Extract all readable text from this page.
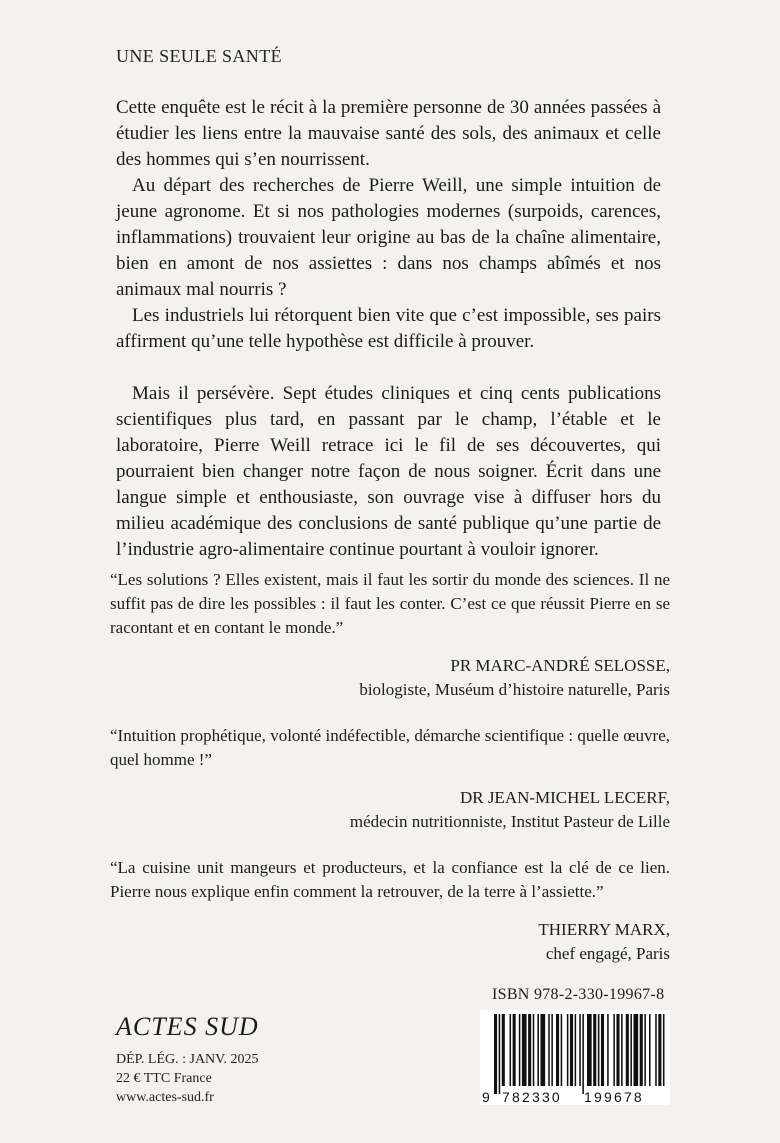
UNE SEULE SANTÉ

Cette enquête est le récit à la première personne de 30 années passées à étudier les liens entre la mauvaise santé des sols, des animaux et celle des hommes qui s’en nourrissent.

Au départ des recherches de Pierre Weill, une simple intuition de jeune agronome. Et si nos pathologies modernes (surpoids, carences, inflammations) trouvaient leur origine au bas de la chaîne alimentaire, bien en amont de nos assiettes : dans nos champs abîmés et nos animaux mal nourris ?

Les industriels lui rétorquent bien vite que c’est impossible, ses pairs affirment qu’une telle hypothèse est difficile à prouver.

Mais il persévère. Sept études cliniques et cinq cents publications scientifiques plus tard, en passant par le champ, l’étable et le laboratoire, Pierre Weill retrace ici le fil de ses découvertes, qui pourraient bien changer notre façon de nous soigner. Écrit dans une langue simple et enthousiaste, son ouvrage vise à diffuser hors du milieu académique des conclusions de santé publique qu’une partie de l’industrie agro-alimentaire continue pourtant à vouloir ignorer.

“Les solutions ? Elles existent, mais il faut les sortir du monde des sciences. Il ne suffit pas de dire les possibles : il faut les conter. C’est ce que réussit Pierre en se racontant et en contant le monde.”

PR MARC-ANDRÉ SELOSSE,

biologiste, Muséum d’histoire naturelle, Paris

“Intuition prophétique, volonté indéfectible, démarche scientifique : quelle œuvre, quel homme !”

DR JEAN-MICHEL LECERF,

médecin nutritionniste, Institut Pasteur de Lille

“La cuisine unit mangeurs et producteurs, et la confiance est la clé de ce lien. Pierre nous explique enfin comment la retrouver, de la terre à l’assiette.”

THIERRY MARX,

chef engagé, Paris

ACTES SUD
DÉP. LÉG. : JANV. 2025
22 € TTC France
www.actes-sud.fr
ISBN 978-2-330-19967-8
9 782330 199678
